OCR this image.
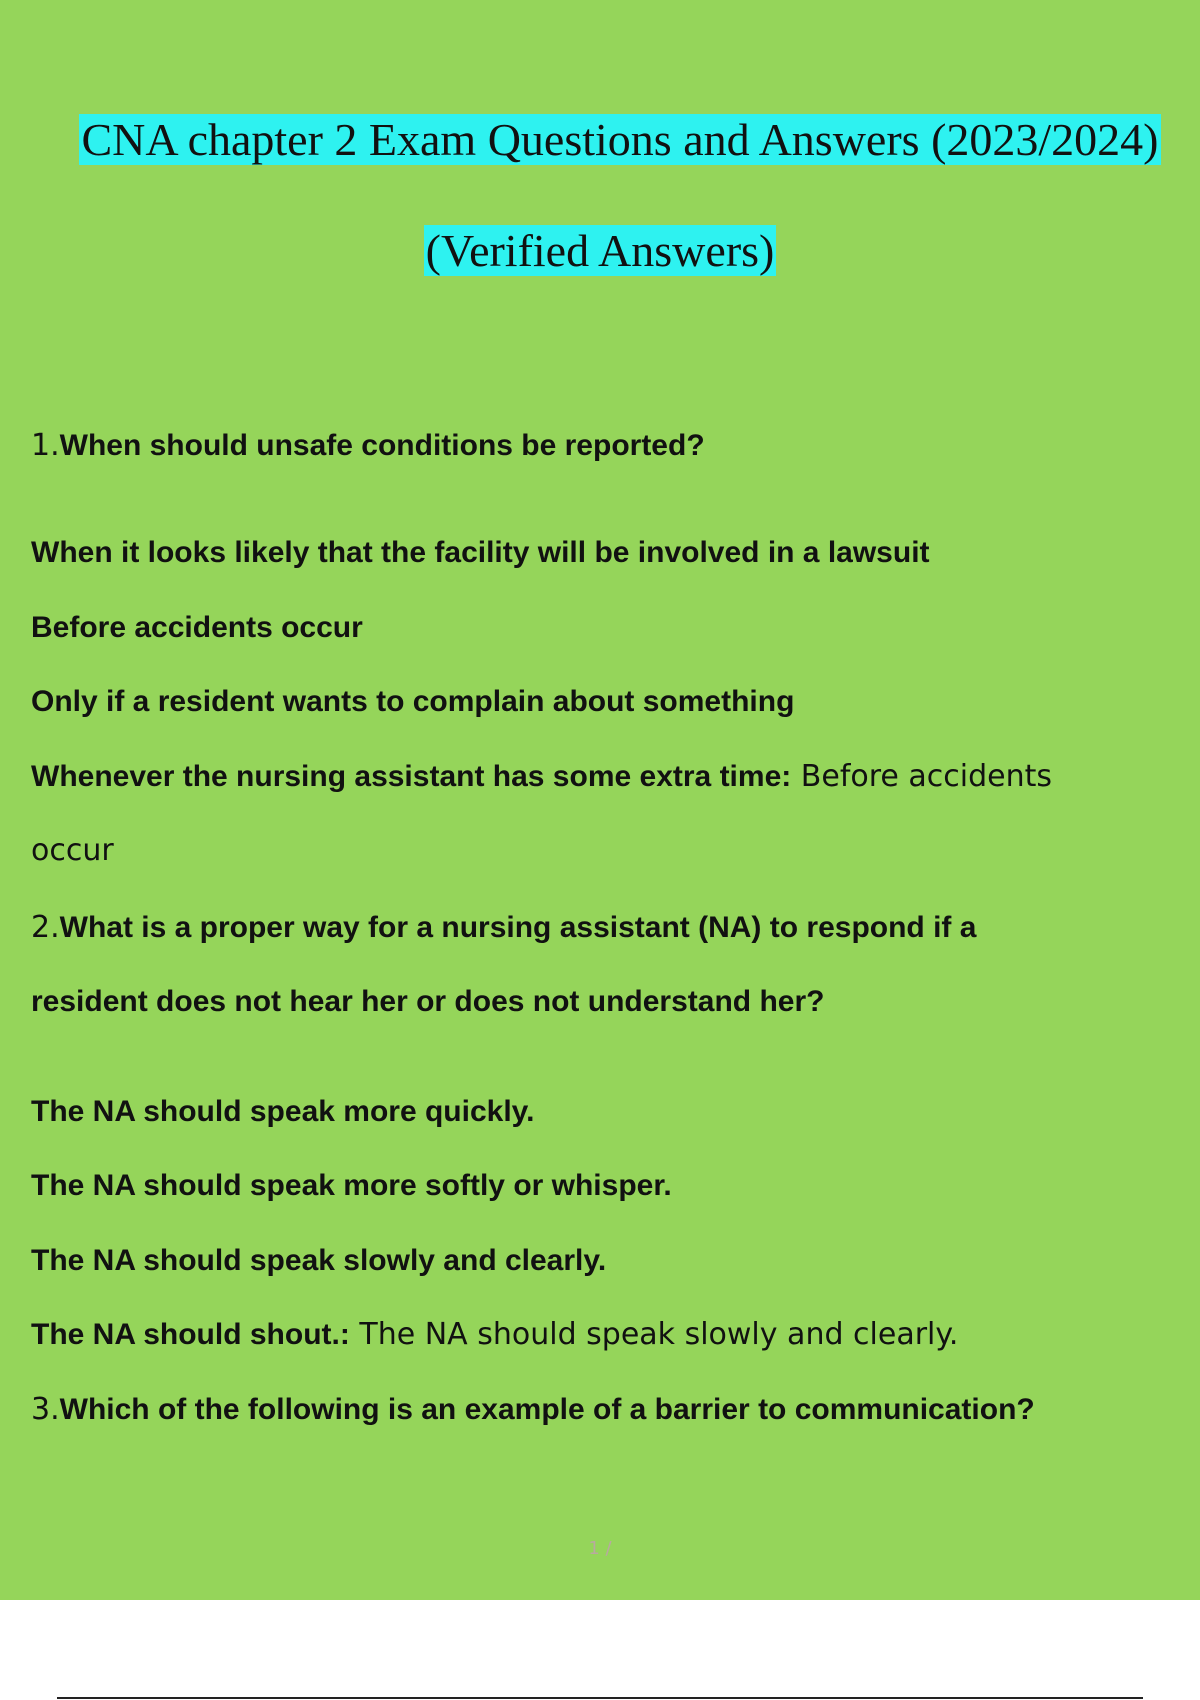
CNA chapter 2 Exam Questions and Answers (2023/2024)
(Verified Answers)
1.When should unsafe conditions be reported?
When it looks likely that the facility will be involved in a lawsuit
Before accidents occur
Only if a resident wants to complain about something
Whenever the nursing assistant has some extra time: Before accidents
occur
2.What is a proper way for a nursing assistant (NA) to respond if a
resident does not hear her or does not understand her?
The NA should speak more quickly.
The NA should speak more softly or whisper.
The NA should speak slowly and clearly.
The NA should shout.: The NA should speak slowly and clearly.
3.Which of the following is an example of a barrier to communication?
1 /
